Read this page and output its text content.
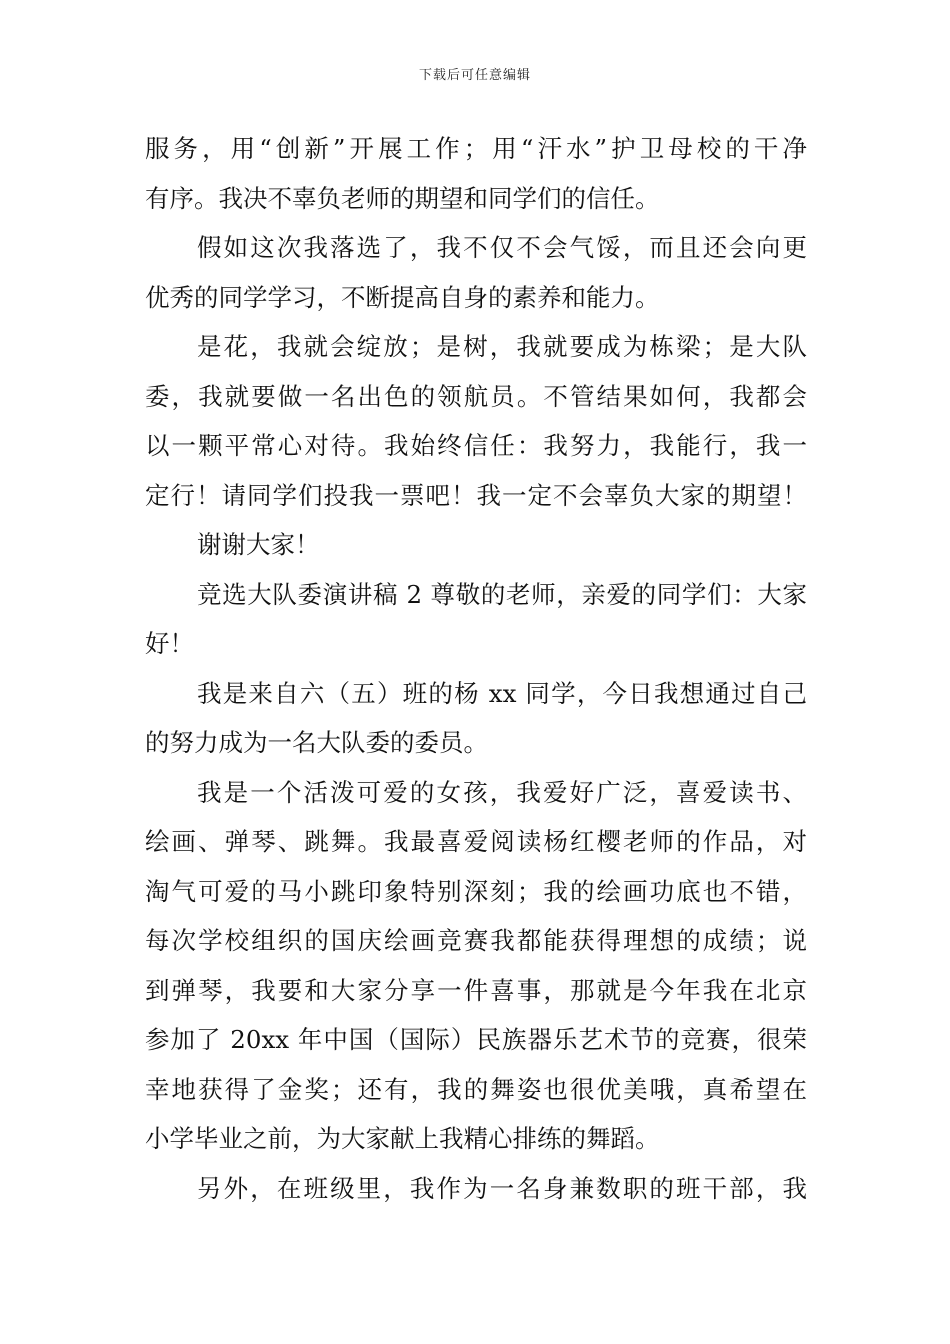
下载后可任意编辑
服务，用“创新”开展工作；用“汗水”护卫母校的干净
有序。我决不辜负老师的期望和同学们的信任。
假如这次我落选了，我不仅不会气馁，而且还会向更
优秀的同学学习，不断提高自身的素养和能力。
是花，我就会绽放；是树，我就要成为栋梁；是大队
委，我就要做一名出色的领航员。不管结果如何，我都会
以一颗平常心对待。我始终信任：我努力，我能行，我一
定行！请同学们投我一票吧！我一定不会辜负大家的期望！
谢谢大家！
竞选大队委演讲稿 2 尊敬的老师，亲爱的同学们：大家
好！
我是来自六（五）班的杨 xx 同学，今日我想通过自己
的努力成为一名大队委的委员。
我是一个活泼可爱的女孩，我爱好广泛，喜爱读书、
绘画、弹琴、跳舞。我最喜爱阅读杨红樱老师的作品，对
淘气可爱的马小跳印象特别深刻；我的绘画功底也不错，
每次学校组织的国庆绘画竞赛我都能获得理想的成绩；说
到弹琴，我要和大家分享一件喜事，那就是今年我在北京
参加了 20xx 年中国（国际）民族器乐艺术节的竞赛，很荣
幸地获得了金奖；还有，我的舞姿也很优美哦，真希望在
小学毕业之前，为大家献上我精心排练的舞蹈。
另外，在班级里，我作为一名身兼数职的班干部，我
